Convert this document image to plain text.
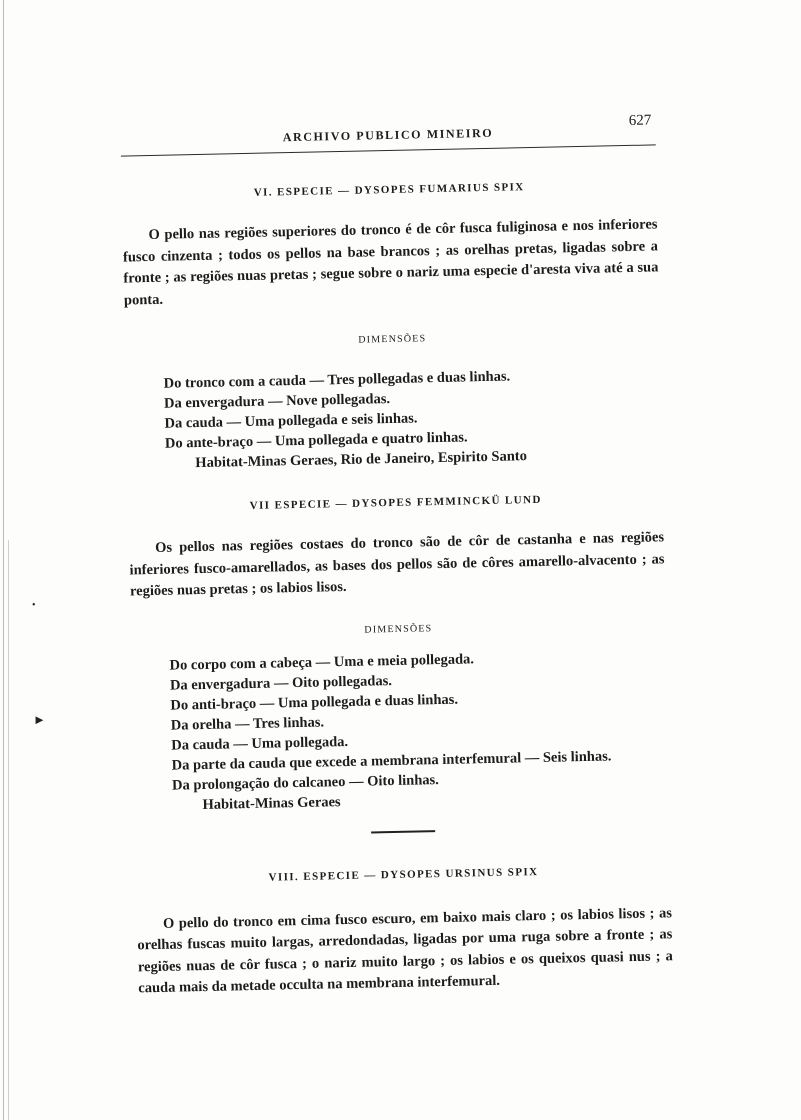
•
►
ARCHIVO PUBLICO MINEIRO
627
VI. ESPECIE — DYSOPES FUMARIUS SPIX

O pello nas regiões superiores do tronco é de côr fusca fuliginosa e nos inferiores fusco cinzenta ; todos os pellos na base brancos ; as orelhas pretas, ligadas sobre a fronte ; as regiões nuas pretas ; segue sobre o nariz uma especie d'aresta viva até a sua ponta.

DIMENSÕES
Do tronco com a cauda — Tres pollegadas e duas linhas.
Da envergadura — Nove pollegadas.
Da cauda — Uma pollegada e seis linhas.
Do ante-braço — Uma pollegada e quatro linhas.
Habitat-Minas Geraes, Rio de Janeiro, Espirito Santo
VII ESPECIE — DYSOPES FEMMINCKÜ LUND

Os pellos nas regiões costaes do tronco são de côr de castanha e nas regiões inferiores fusco-amarellados, as bases dos pellos são de côres amarello-alvacento ; as regiões nuas pretas ; os labios lisos.

DIMENSÕES
Do corpo com a cabeça — Uma e meia pollegada.
Da envergadura — Oito pollegadas.
Do anti-braço — Uma pollegada e duas linhas.
Da orelha — Tres linhas.
Da cauda — Uma pollegada.
Da parte da cauda que excede a membrana interfemural — Seis linhas.
Da prolongação do calcaneo — Oito linhas.
Habitat-Minas Geraes
VIII. ESPECIE — DYSOPES URSINUS SPIX

O pello do tronco em cima fusco escuro, em baixo mais claro ; os labios lisos ; as orelhas fuscas muito largas, arredondadas, ligadas por uma ruga sobre a fronte ; as regiões nuas de côr fusca ; o nariz muito largo ; os labios e os queixos quasi nus ; a cauda mais da metade occulta na membrana interfemural.
